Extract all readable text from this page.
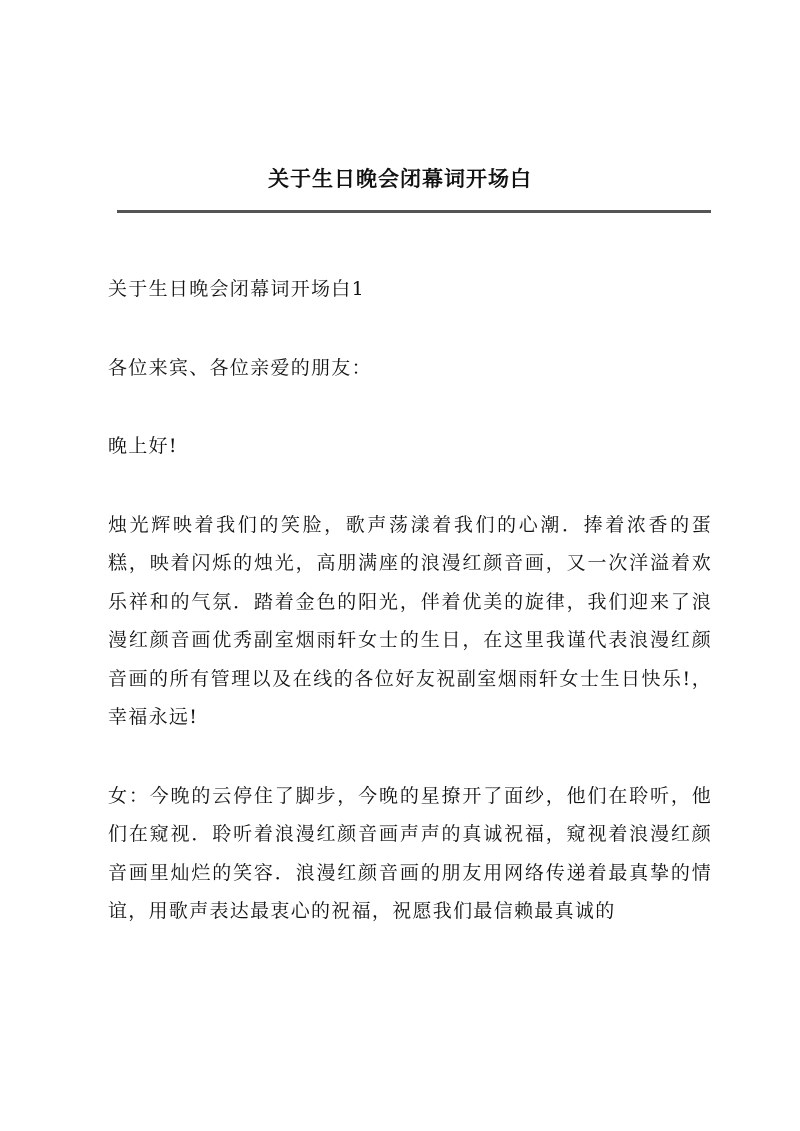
关于生日晚会闭幕词开场白

关于生日晚会闭幕词开场白1

各位来宾、各位亲爱的朋友：

晚上好!

烛光辉映着我们的笑脸，歌声荡漾着我们的心潮．捧着浓香的蛋糕，映着闪烁的烛光，高朋满座的浪漫红颜音画，又一次洋溢着欢乐祥和的气氛．踏着金色的阳光，伴着优美的旋律，我们迎来了浪漫红颜音画优秀副室烟雨轩女士的生日，在这里我谨代表浪漫红颜音画的所有管理以及在线的各位好友祝副室烟雨轩女士生日快乐!，幸福永远!

女：今晚的云停住了脚步，今晚的星撩开了面纱，他们在聆听，他们在窥视．聆听着浪漫红颜音画声声的真诚祝福，窥视着浪漫红颜音画里灿烂的笑容．浪漫红颜音画的朋友用网络传递着最真挚的情谊，用歌声表达最衷心的祝福，祝愿我们最信赖最真诚的
